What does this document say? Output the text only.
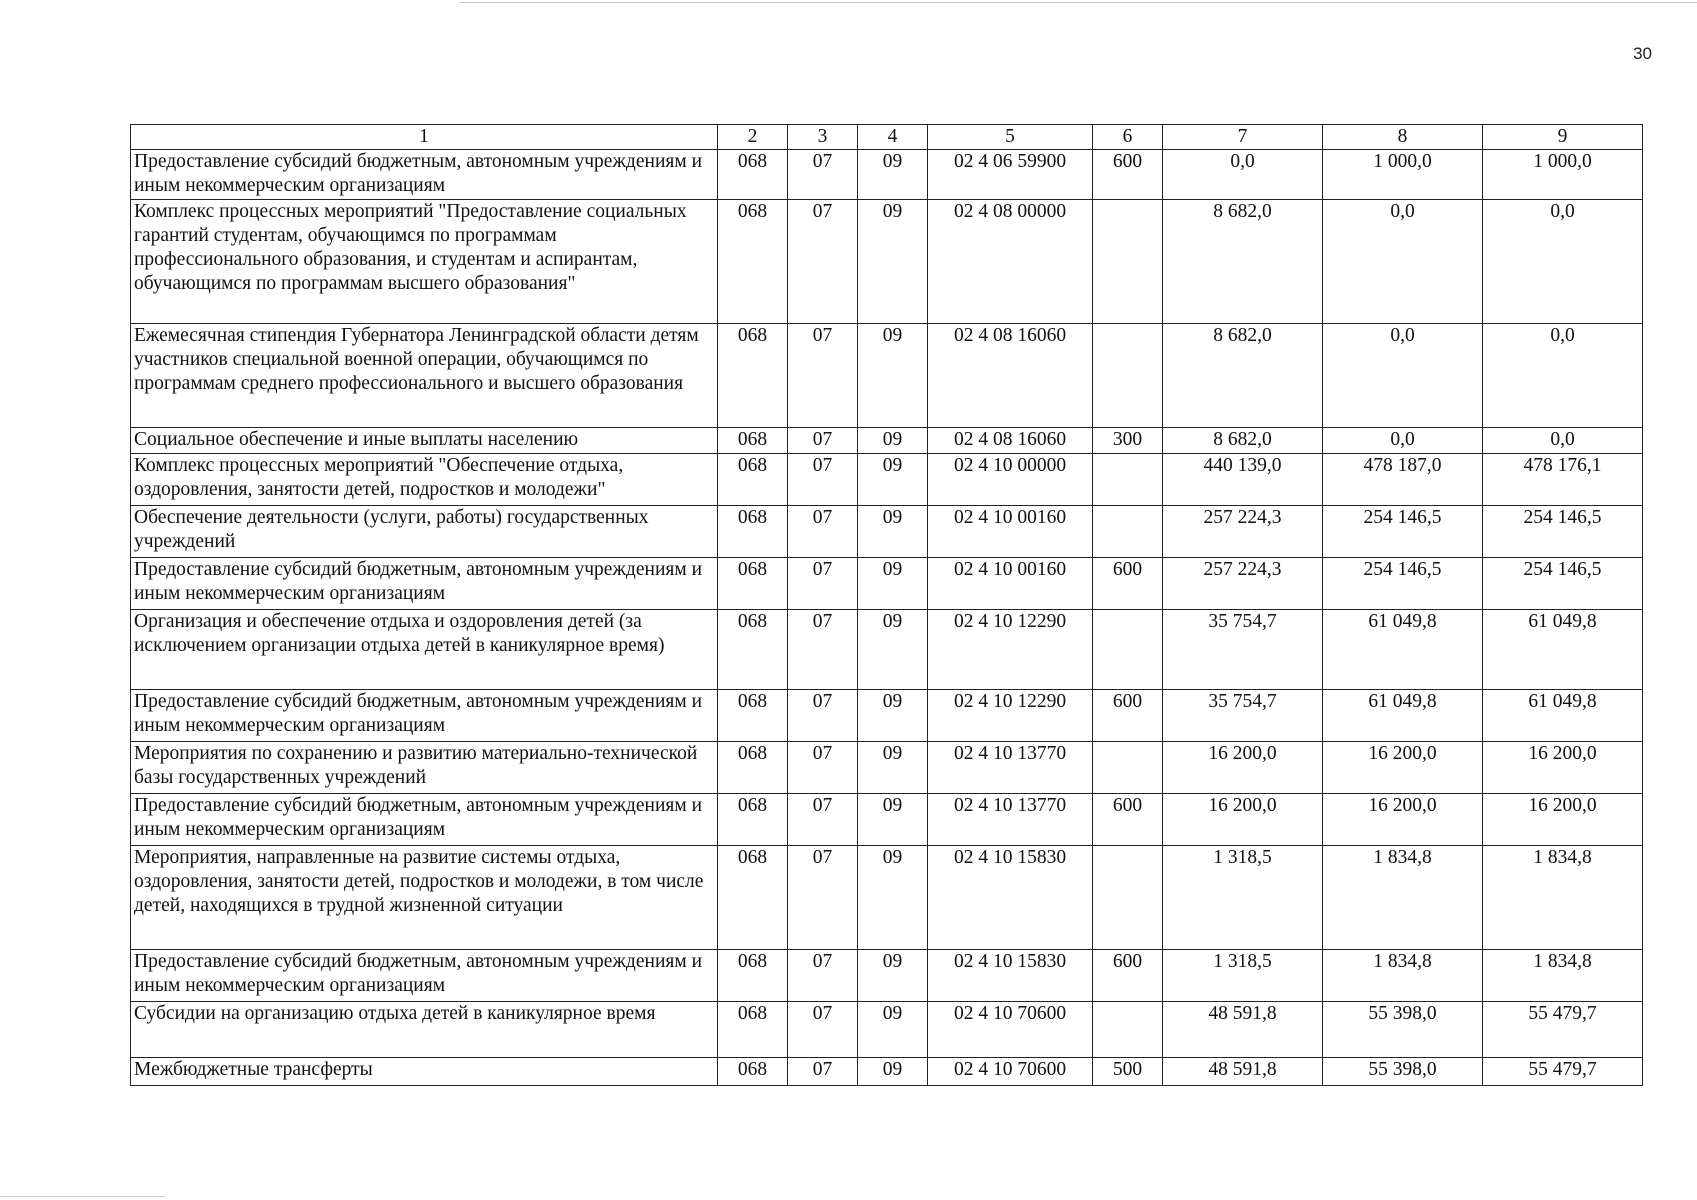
30
1	2	3	4	5	6	7	8	9
Предоставление субсидий бюджетным, автономным учреждениям и иным некоммерческим организациям	068	07	09	02 4 06 59900	600	0,0	1 000,0	1 000,0
Комплекс процессных мероприятий "Предоставление социальных гарантий студентам, обучающимся по программам профессионального образования, и студентам и аспирантам, обучающимся по программам высшего образования"	068	07	09	02 4 08 00000		8 682,0	0,0	0,0
Ежемесячная стипендия Губернатора Ленинградской области детям участников специальной военной операции, обучающимся по программам среднего профессионального и высшего образования	068	07	09	02 4 08 16060		8 682,0	0,0	0,0
Социальное обеспечение и иные выплаты населению	068	07	09	02 4 08 16060	300	8 682,0	0,0	0,0
Комплекс процессных мероприятий "Обеспечение отдыха, оздоровления, занятости детей, подростков и молодежи"	068	07	09	02 4 10 00000		440 139,0	478 187,0	478 176,1
Обеспечение деятельности (услуги, работы) государственных учреждений	068	07	09	02 4 10 00160		257 224,3	254 146,5	254 146,5
Предоставление субсидий бюджетным, автономным учреждениям и иным некоммерческим организациям	068	07	09	02 4 10 00160	600	257 224,3	254 146,5	254 146,5
Организация и обеспечение отдыха и оздоровления детей (за исключением организации отдыха детей в каникулярное время)	068	07	09	02 4 10 12290		35 754,7	61 049,8	61 049,8
Предоставление субсидий бюджетным, автономным учреждениям и иным некоммерческим организациям	068	07	09	02 4 10 12290	600	35 754,7	61 049,8	61 049,8
Мероприятия по сохранению и развитию материально-технической базы государственных учреждений	068	07	09	02 4 10 13770		16 200,0	16 200,0	16 200,0
Предоставление субсидий бюджетным, автономным учреждениям и иным некоммерческим организациям	068	07	09	02 4 10 13770	600	16 200,0	16 200,0	16 200,0
Мероприятия, направленные на развитие системы отдыха, оздоровления, занятости детей, подростков и молодежи, в том числе детей, находящихся в трудной жизненной ситуации	068	07	09	02 4 10 15830		1 318,5	1 834,8	1 834,8
Предоставление субсидий бюджетным, автономным учреждениям и иным некоммерческим организациям	068	07	09	02 4 10 15830	600	1 318,5	1 834,8	1 834,8
Субсидии на организацию отдыха детей в каникулярное время	068	07	09	02 4 10 70600		48 591,8	55 398,0	55 479,7
Межбюджетные трансферты	068	07	09	02 4 10 70600	500	48 591,8	55 398,0	55 479,7
